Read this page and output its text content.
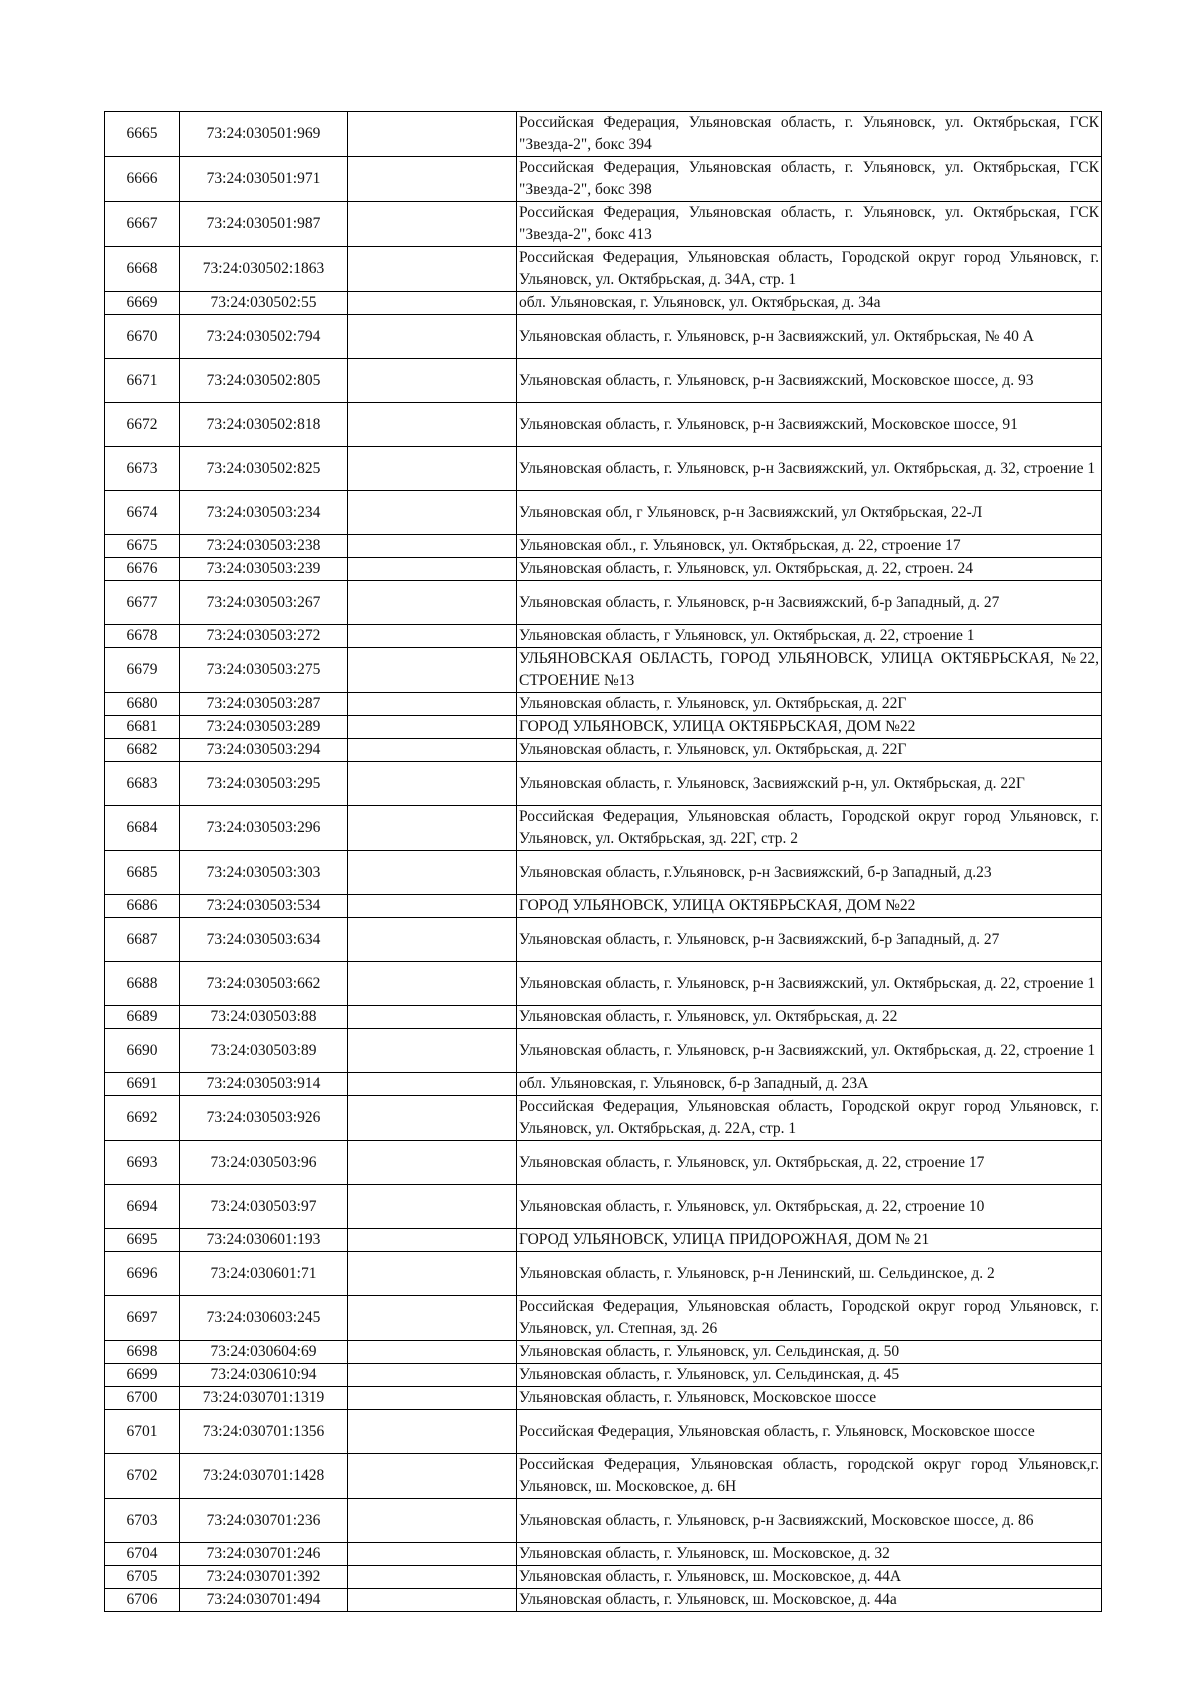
6665	73:24:030501:969		Российская Федерация, Ульяновская область, г. Ульяновск, ул. Октябрьская, ГСК "Звезда-2", бокс 394
6666	73:24:030501:971		Российская Федерация, Ульяновская область, г. Ульяновск, ул. Октябрьская, ГСК "Звезда-2", бокс 398
6667	73:24:030501:987		Российская Федерация, Ульяновская область, г. Ульяновск, ул. Октябрьская, ГСК "Звезда-2", бокс 413
6668	73:24:030502:1863		Российская Федерация, Ульяновская область, Городской округ город Ульяновск, г. Ульяновск, ул. Октябрьская, д. 34А, стр. 1
6669	73:24:030502:55		обл. Ульяновская, г. Ульяновск, ул. Октябрьская, д. 34а
6670	73:24:030502:794		Ульяновская область, г. Ульяновск, р-н Засвияжский, ул. Октябрьская, № 40 А
6671	73:24:030502:805		Ульяновская область, г. Ульяновск, р-н Засвияжский, Московское шоссе, д. 93
6672	73:24:030502:818		Ульяновская область, г. Ульяновск, р-н Засвияжский, Московское шоссе, 91
6673	73:24:030502:825		Ульяновская область, г. Ульяновск, р-н Засвияжский, ул. Октябрьская, д. 32, строение 1
6674	73:24:030503:234		Ульяновская обл, г Ульяновск, р-н Засвияжский, ул Октябрьская, 22-Л
6675	73:24:030503:238		Ульяновская обл., г. Ульяновск, ул. Октябрьская, д. 22, строение 17
6676	73:24:030503:239		Ульяновская область, г. Ульяновск, ул. Октябрьская, д. 22, строен. 24
6677	73:24:030503:267		Ульяновская область, г. Ульяновск, р-н Засвияжский, б-р Западный, д. 27
6678	73:24:030503:272		Ульяновская область, г Ульяновск, ул. Октябрьская, д. 22, строение 1
6679	73:24:030503:275		УЛЬЯНОВСКАЯ ОБЛАСТЬ, ГОРОД УЛЬЯНОВСК, УЛИЦА ОКТЯБРЬСКАЯ, №22, СТРОЕНИЕ №13
6680	73:24:030503:287		Ульяновская область, г. Ульяновск, ул. Октябрьская, д. 22Г
6681	73:24:030503:289		ГОРОД УЛЬЯНОВСК, УЛИЦА ОКТЯБРЬСКАЯ, ДОМ №22
6682	73:24:030503:294		Ульяновская область, г. Ульяновск, ул. Октябрьская, д. 22Г
6683	73:24:030503:295		Ульяновская область, г. Ульяновск, Засвияжский р-н, ул. Октябрьская, д. 22Г
6684	73:24:030503:296		Российская Федерация, Ульяновская область, Городской округ город Ульяновск, г. Ульяновск, ул. Октябрьская, зд. 22Г, стр. 2
6685	73:24:030503:303		Ульяновская область, г.Ульяновск, р-н Засвияжский, б-р Западный, д.23
6686	73:24:030503:534		ГОРОД УЛЬЯНОВСК, УЛИЦА ОКТЯБРЬСКАЯ, ДОМ №22
6687	73:24:030503:634		Ульяновская область, г. Ульяновск, р-н Засвияжский, б-р Западный, д. 27
6688	73:24:030503:662		Ульяновская область, г. Ульяновск, р-н Засвияжский, ул. Октябрьская, д. 22, строение 1
6689	73:24:030503:88		Ульяновская область, г. Ульяновск, ул. Октябрьская, д. 22
6690	73:24:030503:89		Ульяновская область, г. Ульяновск, р-н Засвияжский, ул. Октябрьская, д. 22, строение 1
6691	73:24:030503:914		обл. Ульяновская, г. Ульяновск, б-р Западный, д. 23А
6692	73:24:030503:926		Российская Федерация, Ульяновская область, Городской округ город Ульяновск, г. Ульяновск, ул. Октябрьская, д. 22А, стр. 1
6693	73:24:030503:96		Ульяновская область, г. Ульяновск, ул. Октябрьская, д. 22, строение 17
6694	73:24:030503:97		Ульяновская область, г. Ульяновск, ул. Октябрьская, д. 22, строение 10
6695	73:24:030601:193		ГОРОД УЛЬЯНОВСК, УЛИЦА ПРИДОРОЖНАЯ, ДОМ № 21
6696	73:24:030601:71		Ульяновская область, г. Ульяновск, р-н Ленинский, ш. Сельдинское, д. 2
6697	73:24:030603:245		Российская Федерация, Ульяновская область, Городской округ город Ульяновск, г. Ульяновск, ул. Степная, зд. 26
6698	73:24:030604:69		Ульяновская область, г. Ульяновск, ул. Сельдинская, д. 50
6699	73:24:030610:94		Ульяновская область, г. Ульяновск, ул. Сельдинская, д. 45
6700	73:24:030701:1319		Ульяновская область, г. Ульяновск, Московское шоссе
6701	73:24:030701:1356		Российская Федерация, Ульяновская область, г. Ульяновск, Московское шоссе
6702	73:24:030701:1428		Российская Федерация, Ульяновская область, городской округ город Ульяновск,г. Ульяновск, ш. Московское, д. 6Н
6703	73:24:030701:236		Ульяновская область, г. Ульяновск, р-н Засвияжский, Московское шоссе, д. 86
6704	73:24:030701:246		Ульяновская область, г. Ульяновск, ш. Московское, д. 32
6705	73:24:030701:392		Ульяновская область, г. Ульяновск, ш. Московское, д. 44А
6706	73:24:030701:494		Ульяновская область, г. Ульяновск, ш. Московское, д. 44а
